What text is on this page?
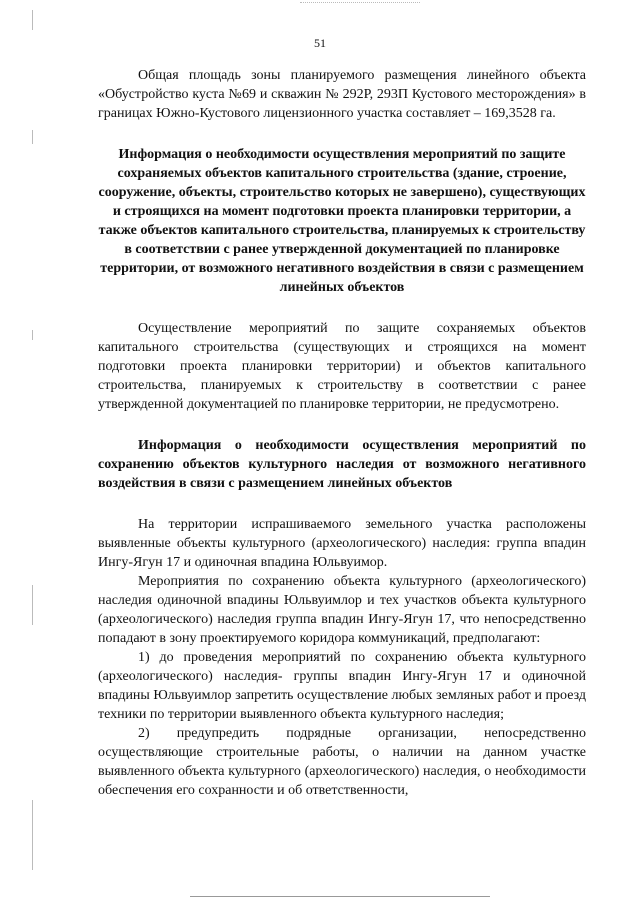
51

Общая площадь зоны планируемого размещения линейного объекта «Обустройство куста №69 и скважин № 292Р, 293П Кустового месторождения» в границах Южно-Кустового лицензионного участка составляет – 169,3528 га.

Информация о необходимости осуществления мероприятий по защите сохраняемых объектов капитального строительства (здание, строение, сооружение, объекты, строительство которых не завершено), существующих и строящихся на момент подготовки проекта планировки территории, а также объектов капитального строительства, планируемых к строительству в соответствии с ранее утвержденной документацией по планировке территории, от возможного негативного воздействия в связи с размещением линейных объектов

Осуществление мероприятий по защите сохраняемых объектов капитального строительства (существующих и строящихся на момент подготовки проекта планировки территории) и объектов капитального строительства, планируемых к строительству в соответствии с ранее утвержденной документацией по планировке территории, не предусмотрено.

Информация о необходимости осуществления мероприятий по сохранению объектов культурного наследия от возможного негативного воздействия в связи с размещением линейных объектов

На территории испрашиваемого земельного участка расположены выявленные объекты культурного (археологического) наследия: группа впадин Ингу-Ягун 17 и одиночная впадина Юльвуимор.

Мероприятия по сохранению объекта культурного (археологического) наследия одиночной впадины Юльвуимлор и тех участков объекта культурного (археологического) наследия группа впадин Ингу-Ягун 17, что непосредственно попадают в зону проектируемого коридора коммуникаций, предполагают:

1) до проведения мероприятий по сохранению объекта культурного (археологического) наследия- группы впадин Ингу-Ягун 17 и одиночной впадины Юльвуимлор запретить осуществление любых земляных работ и проезд техники по территории выявленного объекта культурного наследия;

2) предупредить подрядные организации, непосредственно осуществляющие строительные работы, о наличии на данном участке выявленного объекта культурного (археологического) наследия, о необходимости обеспечения его сохранности и об ответственности,
